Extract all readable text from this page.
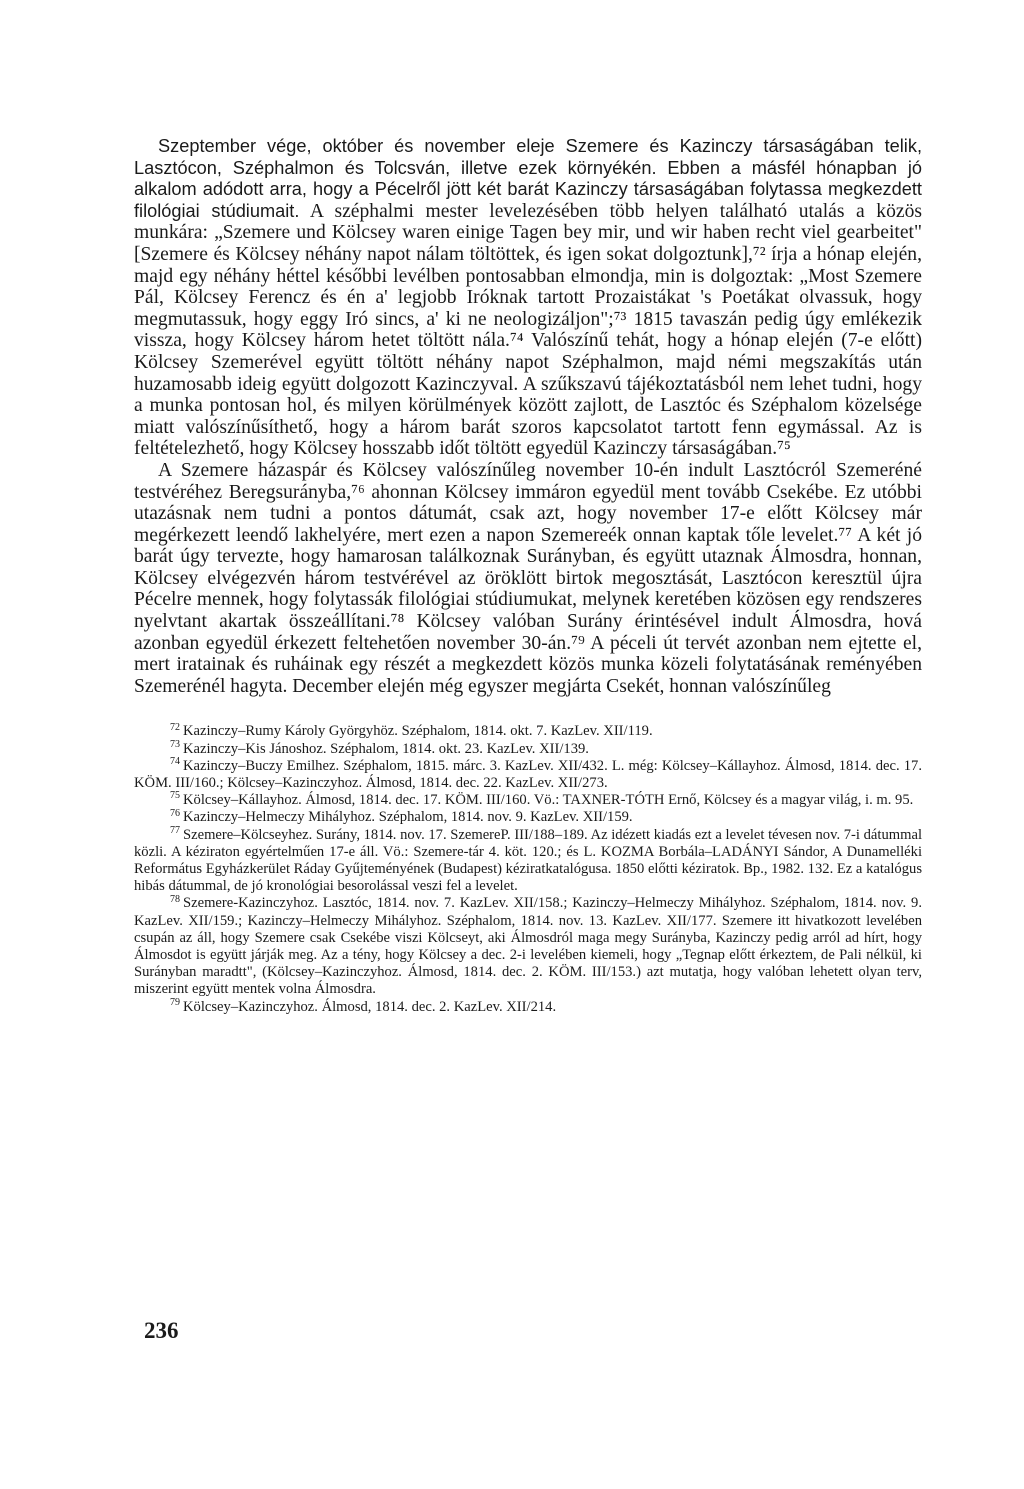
Szeptember vége, október és november eleje Szemere és Kazinczy társaságában telik, Lasztócon, Széphalmon és Tolcsván, illetve ezek környékén. Ebben a másfél hónapban jó alkalom adódott arra, hogy a Pécelről jött két barát Kazinczy társaságában folytassa megkezdett filológiai stúdiumait. A széphalmi mester levelezésében több helyen található utalás a közös munkára: „Szemere und Kölcsey waren einige Tagen bey mir, und wir haben recht viel gearbeitet" [Szemere és Kölcsey néhány napot nálam töltöttek, és igen sokat dolgoztunk],⁷² írja a hónap elején, majd egy néhány héttel későbbi levélben pontosabban elmondja, min is dolgoztak: „Most Szemere Pál, Kölcsey Ferencz és én a' legjobb Iróknak tartott Prozaistákat 's Poetákat olvassuk, hogy megmutassuk, hogy eggy Iró sincs, a' ki ne neologizáljon";⁷³ 1815 tavaszán pedig úgy emlékezik vissza, hogy Kölcsey három hetet töltött nála.⁷⁴ Valószínű tehát, hogy a hónap elején (7-e előtt) Kölcsey Szemerével együtt töltött néhány napot Széphalmon, majd némi megszakítás után huzamosabb ideig együtt dolgozott Kazinczyval. A szűkszavú tájékoztatásból nem lehet tudni, hogy a munka pontosan hol, és milyen körülmények között zajlott, de Lasztóc és Széphalom közelsége miatt valószínűsíthető, hogy a három barát szoros kapcsolatot tartott fenn egymással. Az is feltételezhető, hogy Kölcsey hosszabb időt töltött egyedül Kazinczy társaságában.⁷⁵

A Szemere házaspár és Kölcsey valószínűleg november 10-én indult Lasztócról Szemeréné testvéréhez Beregsurányba,⁷⁶ ahonnan Kölcsey immáron egyedül ment tovább Csekébe. Ez utóbbi utazásnak nem tudni a pontos dátumát, csak azt, hogy november 17-e előtt Kölcsey már megérkezett leendő lakhelyére, mert ezen a napon Szemereék onnan kaptak tőle levelet.⁷⁷ A két jó barát úgy tervezte, hogy hamarosan találkoznak Surányban, és együtt utaznak Álmosdra, honnan, Kölcsey elvégezvén három testvérével az öröklött birtok megosztását, Lasztócon keresztül újra Pécelre mennek, hogy folytassák filológiai stúdiumukat, melynek keretében közösen egy rendszeres nyelvtant akartak összeállítani.⁷⁸ Kölcsey valóban Surány érintésével indult Álmosdra, hová azonban egyedül érkezett feltehetően november 30-án.⁷⁹ A péceli út tervét azonban nem ejtette el, mert iratainak és ruháinak egy részét a megkezdett közös munka közeli folytatásának reményében Szemerénél hagyta. December elején még egyszer megjárta Csekét, honnan valószínűleg

$^{72}$ Kazinczy–Rumy Károly Györgyhöz. Széphalom, 1814. okt. 7. KazLev. XII/119.

$^{73}$ Kazinczy–Kis Jánoshoz. Széphalom, 1814. okt. 23. KazLev. XII/139.

$^{74}$ Kazinczy–Buczy Emilhez. Széphalom, 1815. márc. 3. KazLev. XII/432. L. még: Kölcsey–Kállayhoz. Álmosd, 1814. dec. 17. KÖM. III/160.; Kölcsey–Kazinczyhoz. Álmosd, 1814. dec. 22. KazLev. XII/273.

$^{75}$ Kölcsey–Kállayhoz. Álmosd, 1814. dec. 17. KÖM. III/160. Vö.: TAXNER-TÓTH Ernő, Kölcsey és a magyar világ, i. m. 95.

$^{76}$ Kazinczy–Helmeczy Mihályhoz. Széphalom, 1814. nov. 9. KazLev. XII/159.

$^{77}$ Szemere–Kölcseyhez. Surány, 1814. nov. 17. SzemereP. III/188–189. Az idézett kiadás ezt a levelet tévesen nov. 7-i dátummal közli. A kéziraton egyértelműen 17-e áll. Vö.: Szemere-tár 4. köt. 120.; és L. KOZMA Borbála–LADÁNYI Sándor, A Dunamelléki Református Egyházkerület Ráday Gyűjteményének (Budapest) kéziratkatalógusa. 1850 előtti kéziratok. Bp., 1982. 132. Ez a katalógus hibás dátummal, de jó kronológiai besorolással veszi fel a levelet.

$^{78}$ Szemere-Kazinczyhoz. Lasztóc, 1814. nov. 7. KazLev. XII/158.; Kazinczy–Helmeczy Mihályhoz. Széphalom, 1814. nov. 9. KazLev. XII/159.; Kazinczy–Helmeczy Mihályhoz. Széphalom, 1814. nov. 13. KazLev. XII/177. Szemere itt hivatkozott levelében csupán az áll, hogy Szemere csak Csekébe viszi Kölcseyt, aki Álmosdról maga megy Surányba, Kazinczy pedig arról ad hírt, hogy Álmosdot is együtt járják meg. Az a tény, hogy Kölcsey a dec. 2-i levelében kiemeli, hogy „Tegnap előtt érkeztem, de Pali nélkül, ki Surányban maradtt", (Kölcsey–Kazinczyhoz. Álmosd, 1814. dec. 2. KÖM. III/153.) azt mutatja, hogy valóban lehetett olyan terv, miszerint együtt mentek volna Álmosdra.

$^{79}$ Kölcsey–Kazinczyhoz. Álmosd, 1814. dec. 2. KazLev. XII/214.

236
